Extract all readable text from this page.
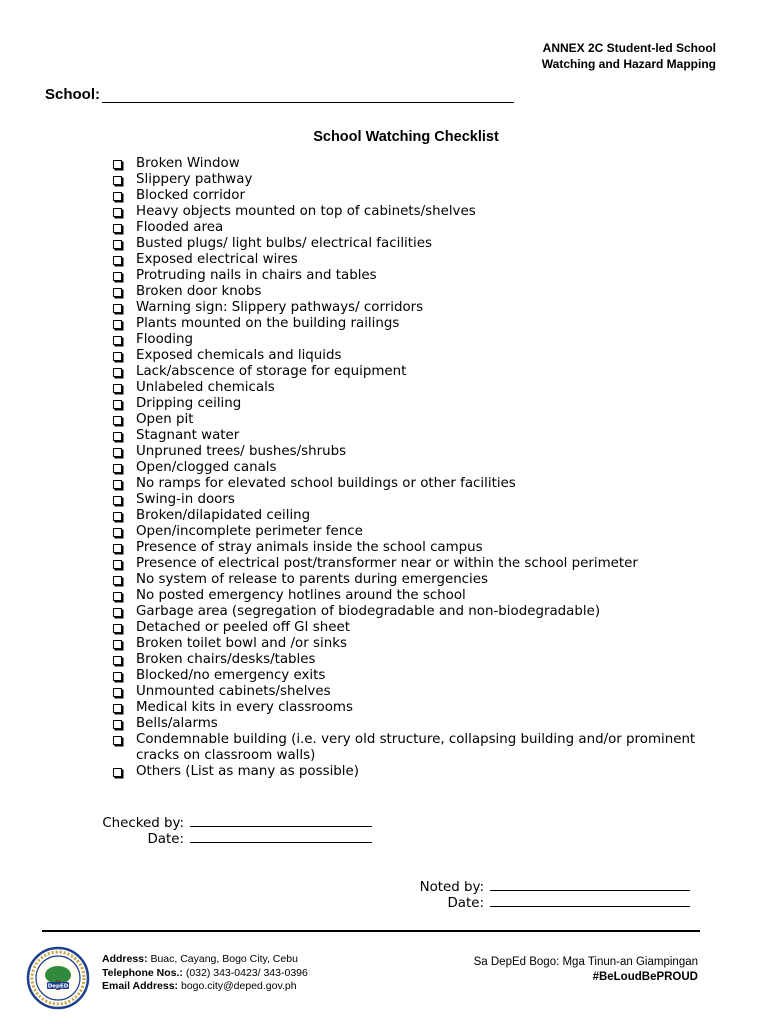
ANNEX 2C Student-led School
Watching and Hazard Mapping
School:
School Watching Checklist
Broken Window
Slippery pathway
Blocked corridor
Heavy objects mounted on top of cabinets/shelves
Flooded area
Busted plugs/ light bulbs/ electrical facilities
Exposed electrical wires
Protruding nails in chairs and tables
Broken door knobs
Warning sign: Slippery pathways/ corridors
Plants mounted on the building railings
Flooding
Exposed chemicals and liquids
Lack/abscence of storage for equipment
Unlabeled chemicals
Dripping ceiling
Open pit
Stagnant water
Unpruned trees/ bushes/shrubs
Open/clogged canals
No ramps for elevated school buildings or other facilities
Swing-in doors
Broken/dilapidated ceiling
Open/incomplete perimeter fence
Presence of stray animals inside the school campus
Presence of electrical post/transformer near or within the school perimeter
No system of release to parents during emergencies
No posted emergency hotlines around the school
Garbage area (segregation of biodegradable and non-biodegradable)
Detached or peeled off GI sheet
Broken toilet bowl and /or sinks
Broken chairs/desks/tables
Blocked/no emergency exits
Unmounted cabinets/shelves
Medical kits in every classrooms
Bells/alarms
Condemnable building (i.e. very old structure, collapsing building and/or prominent cracks on classroom walls)
Others (List as many as possible)
Checked by:
Date:
Noted by:
Date:
DepED
Address: Buac, Cayang, Bogo City, Cebu
Telephone Nos.: (032) 343-0423/ 343-0396
Email Address: bogo.city@deped.gov.ph
Sa DepEd Bogo: Mga Tinun-an Giampingan
#BeLoudBePROUD
